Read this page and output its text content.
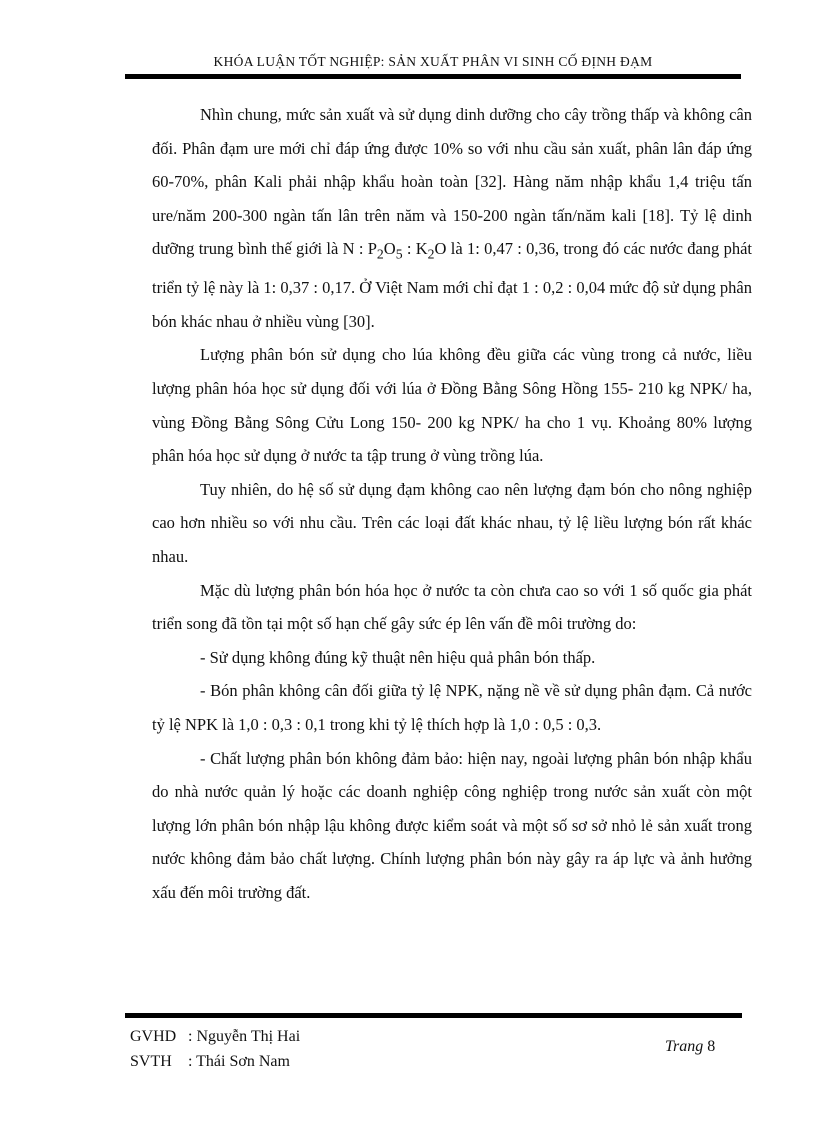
KHÓA LUẬN TỐT NGHIỆP: SẢN XUẤT PHÂN VI SINH CỐ ĐỊNH ĐẠM

Nhìn chung, mức sản xuất và sử dụng dinh dưỡng cho cây trồng thấp và không cân đối. Phân đạm ure mới chỉ đáp ứng được 10% so với nhu cầu sản xuất, phân lân đáp ứng 60-70%, phân Kali phải nhập khẩu hoàn toàn [32]. Hàng năm nhập khẩu 1,4 triệu tấn ure/năm 200-300 ngàn tấn lân trên năm và 150-200 ngàn tấn/năm kali [18]. Tỷ lệ dinh dưỡng trung bình thế giới là N : $P_2O_5$ : $K_2O$ là 1: 0,47 : 0,36, trong đó các nước đang phát triển tỷ lệ này là 1: 0,37 : 0,17. Ở Việt Nam mới chỉ đạt 1 : 0,2 : 0,04 mức độ sử dụng phân bón khác nhau ở nhiều vùng [30].

Lượng phân bón sử dụng cho lúa không đều giữa các vùng trong cả nước, liều lượng phân hóa học sử dụng đối với lúa ở Đồng Bằng Sông Hồng 155- 210 kg NPK/ ha, vùng Đồng Bằng Sông Cửu Long 150- 200 kg NPK/ ha cho 1 vụ. Khoảng 80% lượng phân hóa học sử dụng ở nước ta tập trung ở vùng trồng lúa.

Tuy nhiên, do hệ số sử dụng đạm không cao nên lượng đạm bón cho nông nghiệp cao hơn nhiều so với nhu cầu. Trên các loại đất khác nhau, tỷ lệ liều lượng bón rất khác nhau.

Mặc dù lượng phân bón hóa học ở nước ta còn chưa cao so với 1 số quốc gia phát triển song đã tồn tại một số hạn chế gây sức ép lên vấn đề môi trường do:

- Sử dụng không đúng kỹ thuật nên hiệu quả phân bón thấp.

- Bón phân không cân đối giữa tỷ lệ NPK, nặng nề về sử dụng phân đạm. Cả nước tỷ lệ NPK là 1,0 : 0,3 : 0,1 trong khi tỷ lệ thích hợp là 1,0 : 0,5 : 0,3.

- Chất lượng phân bón không đảm bảo: hiện nay, ngoài lượng phân bón nhập khẩu do nhà nước quản lý hoặc các doanh nghiệp công nghiệp trong nước sản xuất còn một lượng lớn phân bón nhập lậu không được kiểm soát và một số sơ sở nhỏ lẻ sản xuất trong nước không đảm bảo chất lượng. Chính lượng phân bón này gây ra áp lực và ảnh hưởng xấu đến môi trường đất.

GVHD : Nguyễn Thị Hai
SVTH	: Thái Sơn Nam
Trang 8
